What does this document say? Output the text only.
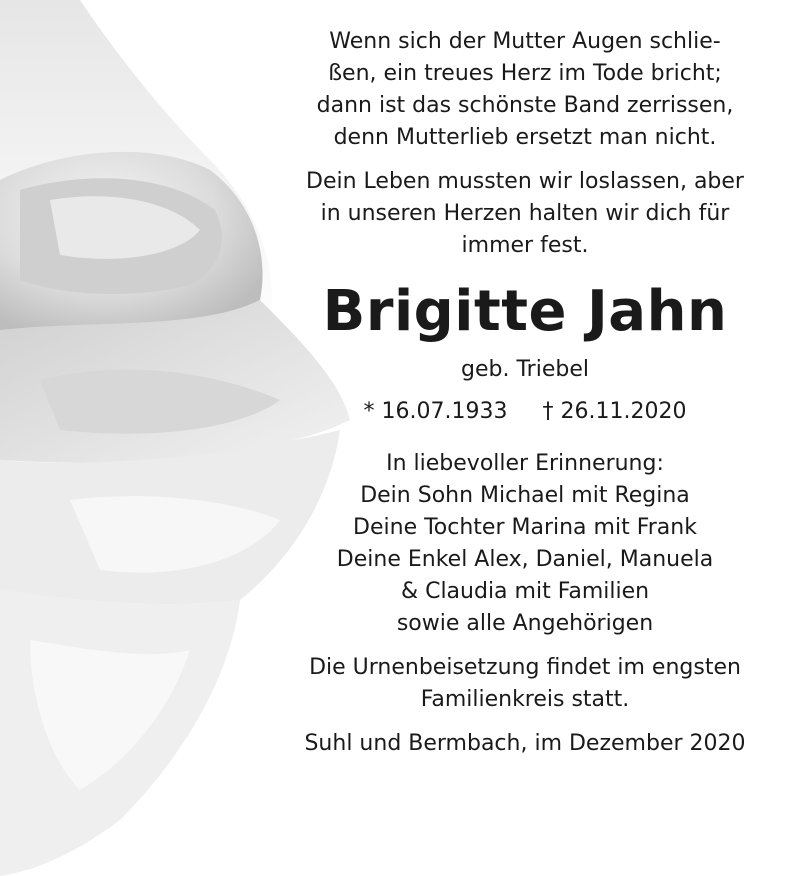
Wenn sich der Mutter Augen schlie-

ßen, ein treues Herz im Tode bricht;

dann ist das schönste Band zerrissen,

denn Mutterlieb ersetzt man nicht.

Dein Leben mussten wir loslassen, aber

in unseren Herzen halten wir dich für

immer fest.

Brigitte Jahn

geb. Triebel

* 16.07.1933 † 26.11.2020

In liebevoller Erinnerung:

Dein Sohn Michael mit Regina

Deine Tochter Marina mit Frank

Deine Enkel Alex, Daniel, Manuela

& Claudia mit Familien

sowie alle Angehörigen

Die Urnenbeisetzung findet im engsten

Familienkreis statt.

Suhl und Bermbach, im Dezember 2020
